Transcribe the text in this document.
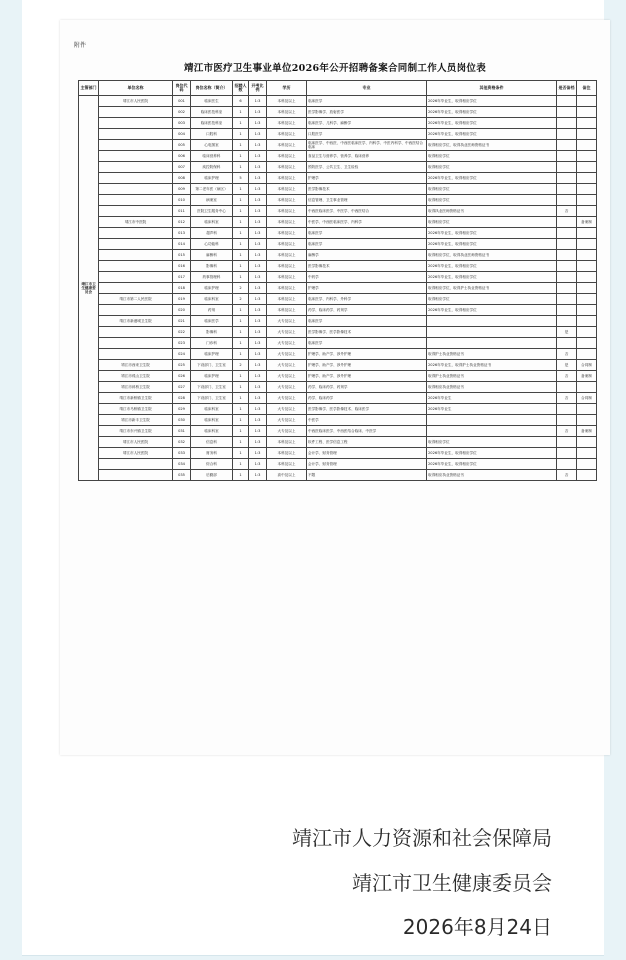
附件
靖江市医疗卫生事业单位2026年公开招聘备案合同制工作人员岗位表
主管部门	单位名称	岗位代码	岗位名称（简介）	招聘人数	开考比例	学历	专业	其他资格条件	是否备档	备注
靖江市卫生健康委员会	靖江市人民医院	001	临床医生	6	1:3	本科及以上	临床医学	2026年毕业生，取得相应学位		
		002	临床医技科室	1	1:3	本科及以上	医学影像学、放射医学	2026年毕业生，取得相应学位		
		003	临床医技科室	1	1:3	本科及以上	临床医学、儿科学、麻醉学	2026年毕业生，取得相应学位		
		004	口腔科	1	1:3	本科及以上	口腔医学	2026年毕业生，取得相应学位		
		005	心电图室	1	1:3	本科及以上	临床医学、中西医、中西医临床医学、内科学、中医内科学、中西医结合临床	取得相应学位，取得执业医师资格证书		
		006	临床营养科	1	1:3	本科及以上	食品卫生与营养学、营养学、临床营养	取得相应学位		
		007	疾控防保科	1	1:3	本科及以上	预防医学、公共卫生、卫生检验	取得相应学位		
		008	临床护理	5	1:3	本科及以上	护理学	2026年毕业生，取得相应学位		
		009	第二老年医（病区）	1	1:3	本科及以上	医学影像技术	取得相应学位		
		010	病案室	1	1:3	本科及以上	信息管理、卫生事业管理	取得相应学位		
		011	医院卫生服务中心	1	1:3	本科及以上	中西医临床医学、中医学、中西医结合	取得执业医师资格证书	否	
	靖江市中医院	012	临床科室	1	1:3	本科及以上	中医学、中西医临床医学、内科学	取得相应学位		备案制
		013	超声科	1	1:3	本科及以上	临床医学	2026年毕业生，取得相应学位		
		014	心功能科	1	1:3	本科及以上	临床医学	2026年毕业生，取得相应学位		
		015	麻醉科	1	1:3	本科及以上	麻醉学	取得相应学位，取得执业医师资格证书		
		016	影像科	1	1:3	本科及以上	医学影像技术	2026年毕业生，取得相应学位		
		017	药事管理科	1	1:3	本科及以上	中药学	2026年毕业生，取得相应学位		
		018	临床护理	2	1:3	本科及以上	护理学	取得相应学位，取得护士执业资格证书		
	靖江市第二人民医院	019	临床科室	2	1:3	本科及以上	临床医学、内科学、外科学	取得相应学位		
		020	药剂	1	1:3	本科及以上	药学、临床药学、药剂学	2026年毕业生，取得相应学位		
	靖江市新港城卫生院	021	临床医学	1	1:3	大专及以上	临床医学			
		022	影像科	1	1:3	大专及以上	医学影像学、医学影像技术		是	
		023	门诊科	1	1:3	大专及以上	临床医学			
		024	临床护理	1	1:3	大专及以上	护理学、助产学、涉外护理	取得护士执业资格证书	否	
	靖江市西来卫生院	025	下设部门、卫生室	2	1:3	大专及以上	护理学、助产学、涉外护理	2026年毕业生，取得护士执业资格证书	是	合同制
	靖江市孤山卫生院	026	临床护理	1	1:3	大专及以上	护理学、助产学、涉外护理	取得护士执业资格证书	否	备案制
	靖江市斜桥卫生院	027	下设部门、卫生室	1	1:3	大专及以上	药学、临床药学、药剂学	取得相应执业资格证书		
	靖江市新桥镇卫生院	028	下设部门、卫生室	1	1:3	大专及以上	药学、临床药学	2026年毕业生	否	合同制
	靖江市马桥镇卫生院	029	临床科室	1	1:3	大专及以上	医学影像学、医学影像技术、临床医学	2026年毕业生		
	靖江市新丰卫生院	030	临床科室	1	1:3	大专及以上	中医学			
	靖江市东兴镇卫生院	031	临床科室	1	1:3	大专及以上	中西医临床医学、中西医结合临床、中医学		否	备案制
	靖江市人民医院	032	信息科	1	1:3	本科及以上	软件工程、医学信息工程	取得相应学位		
	靖江市人民医院	033	财务科	1	1:3	本科及以上	会计学、财务管理	2026年毕业生，取得相应学位		
		034	综合科	1	1:3	本科及以上	会计学、财务管理	2026年毕业生，取得相应学位		
		035	后勤部	1	1:3	高中及以上	不限	取得相应执业资格证书	否	
靖江市人力资源和社会保障局
靖江市卫生健康委员会
2026年8月24日
